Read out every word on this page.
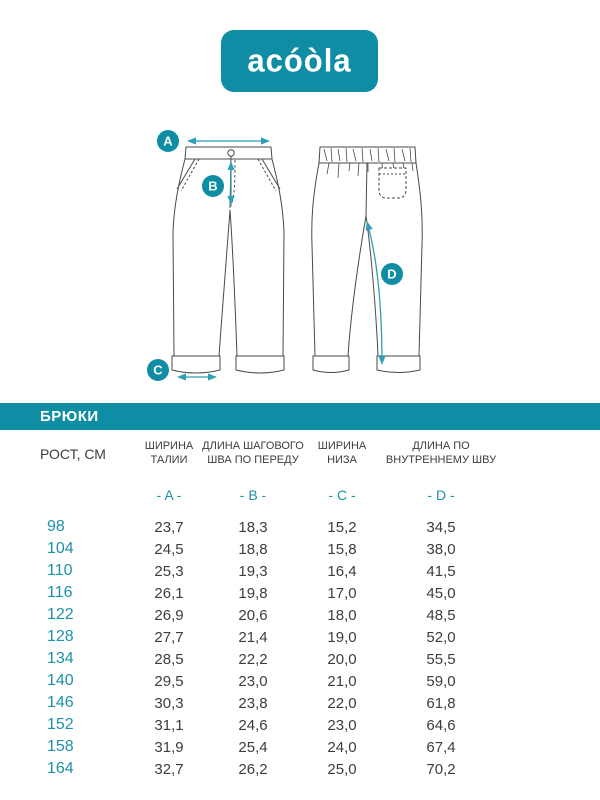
acóòla
A
B
C
D
БРЮКИ
РОСТ, СМ
ШИРИНА
ТАЛИИ
ДЛИНА ШАГОВОГО
ШВА ПО ПЕРЕДУ
ШИРИНА
НИЗА
ДЛИНА ПО
ВНУТРЕННЕМУ ШВУ
- A -	- B -	- C -	- D -
98	23,7	18,3	15,2	34,5
104	24,5	18,8	15,8	38,0
110	25,3	19,3	16,4	41,5
116	26,1	19,8	17,0	45,0
122	26,9	20,6	18,0	48,5
128	27,7	21,4	19,0	52,0
134	28,5	22,2	20,0	55,5
140	29,5	23,0	21,0	59,0
146	30,3	23,8	22,0	61,8
152	31,1	24,6	23,0	64,6
158	31,9	25,4	24,0	67,4
164	32,7	26,2	25,0	70,2
